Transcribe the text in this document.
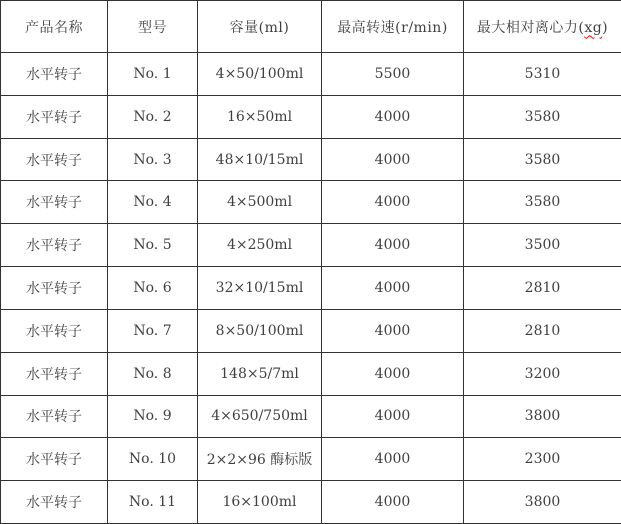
产品名称	型号	容量(ml)	最高转速(r/min)	最大相对离心力(xg)
水平转子	No. 1	4×50/100ml	5500	5310
水平转子	No. 2	16×50ml	4000	3580
水平转子	No. 3	48×10/15ml	4000	3580
水平转子	No. 4	4×500ml	4000	3580
水平转子	No. 5	4×250ml	4000	3500
水平转子	No. 6	32×10/15ml	4000	2810
水平转子	No. 7	8×50/100ml	4000	2810
水平转子	No. 8	148×5/7ml	4000	3200
水平转子	No. 9	4×650/750ml	4000	3800
水平转子	No. 10	2×2×96 酶标版	4000	2300
水平转子	No. 11	16×100ml	4000	3800
